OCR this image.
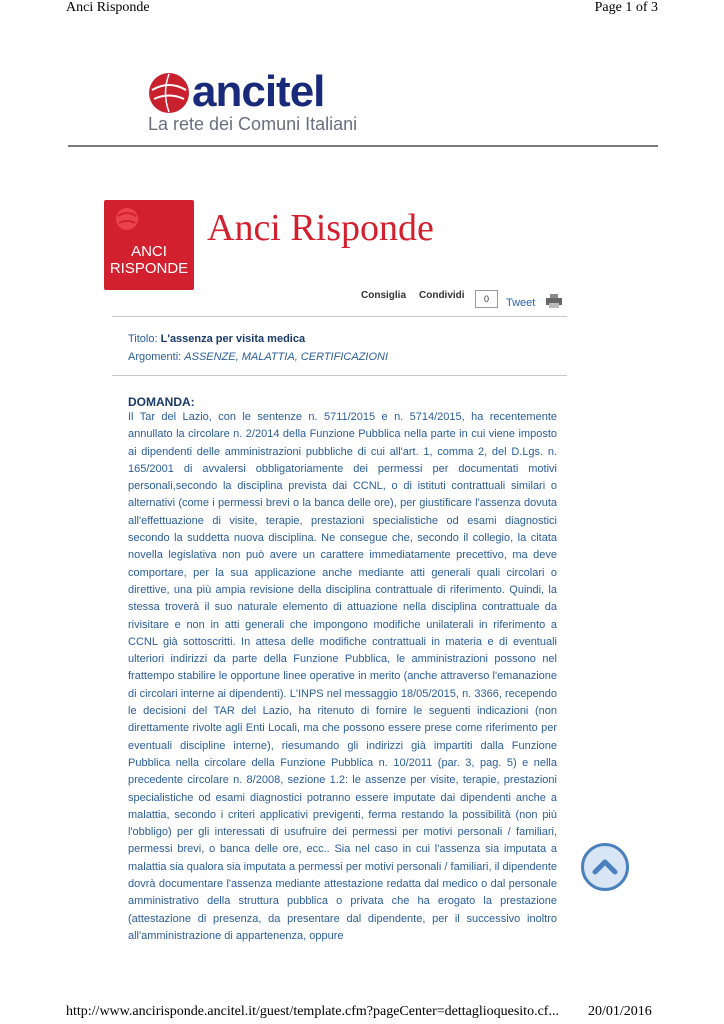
Anci Risponde	Page 1 of 3
ancitel
La rete dei Comuni Italiani
ANCI
RISPONDE
Anci Risponde
Consiglia Condividi	0	Tweet
Titolo: L'assenza per visita medica
Argomenti: ASSENZE, MALATTIA, CERTIFICAZIONI
DOMANDA:
Il Tar del Lazio, con le sentenze n. 5711/2015 e n. 5714/2015, ha recentemente annullato la circolare n. 2/2014 della Funzione Pubblica nella parte in cui viene imposto ai dipendenti delle amministrazioni pubbliche di cui all'art. 1, comma 2, del D.Lgs. n. 165/2001 di avvalersi obbligatoriamente dei permessi per documentati motivi personali,secondo la disciplina prevista dai CCNL, o di istituti contrattuali similari o alternativi (come i permessi brevi o la banca delle ore), per giustificare l'assenza dovuta all'effettuazione di visite, terapie, prestazioni specialistiche od esami diagnostici secondo la suddetta nuova disciplina. Ne consegue che, secondo il collegio, la citata novella legislativa non può avere un carattere immediatamente precettivo, ma deve comportare, per la sua applicazione anche mediante atti generali quali circolari o direttive, una più ampia revisione della disciplina contrattuale di riferimento. Quindi, la stessa troverà il suo naturale elemento di attuazione nella disciplina contrattuale da rivisitare e non in atti generali che impongono modifiche unilaterali in riferimento a CCNL già sottoscritti. In attesa delle modifiche contrattuali in materia e di eventuali ulteriori indirizzi da parte della Funzione Pubblica, le amministrazioni possono nel frattempo stabilire le opportune linee operative in merito (anche attraverso l'emanazione di circolari interne ai dipendenti). L'INPS nel messaggio 18/05/2015, n. 3366, recependo le decisioni del TAR del Lazio, ha ritenuto di fornire le seguenti indicazioni (non direttamente rivolte agli Enti Locali, ma che possono essere prese come riferimento per eventuali discipline interne), riesumando gli indirizzi già impartiti dalla Funzione Pubblica nella circolare della Funzione Pubblica n. 10/2011 (par. 3, pag. 5) e nella precedente circolare n. 8/2008, sezione 1.2: le assenze per visite, terapie, prestazioni specialistiche od esami diagnostici potranno essere imputate dai dipendenti anche a malattia, secondo i criteri applicativi previgenti, ferma restando la possibilità (non più l'obbligo) per gli interessati di usufruire dei permessi per motivi personali / familiari, permessi brevi, o banca delle ore, ecc.. Sia nel caso in cui l'assenza sia imputata a malattia sia qualora sia imputata a permessi per motivi personali / familiari, il dipendente dovrà documentare l'assenza mediante attestazione redatta dal medico o dal personale amministrativo della struttura pubblica o privata che ha erogato la prestazione (attestazione di presenza, da presentare dal dipendente, per il successivo inoltro all'amministrazione di appartenenza, oppure
http://www.ancirisponde.ancitel.it/guest/template.cfm?pageCenter=dettaglioquesito.cf... 20/01/2016
